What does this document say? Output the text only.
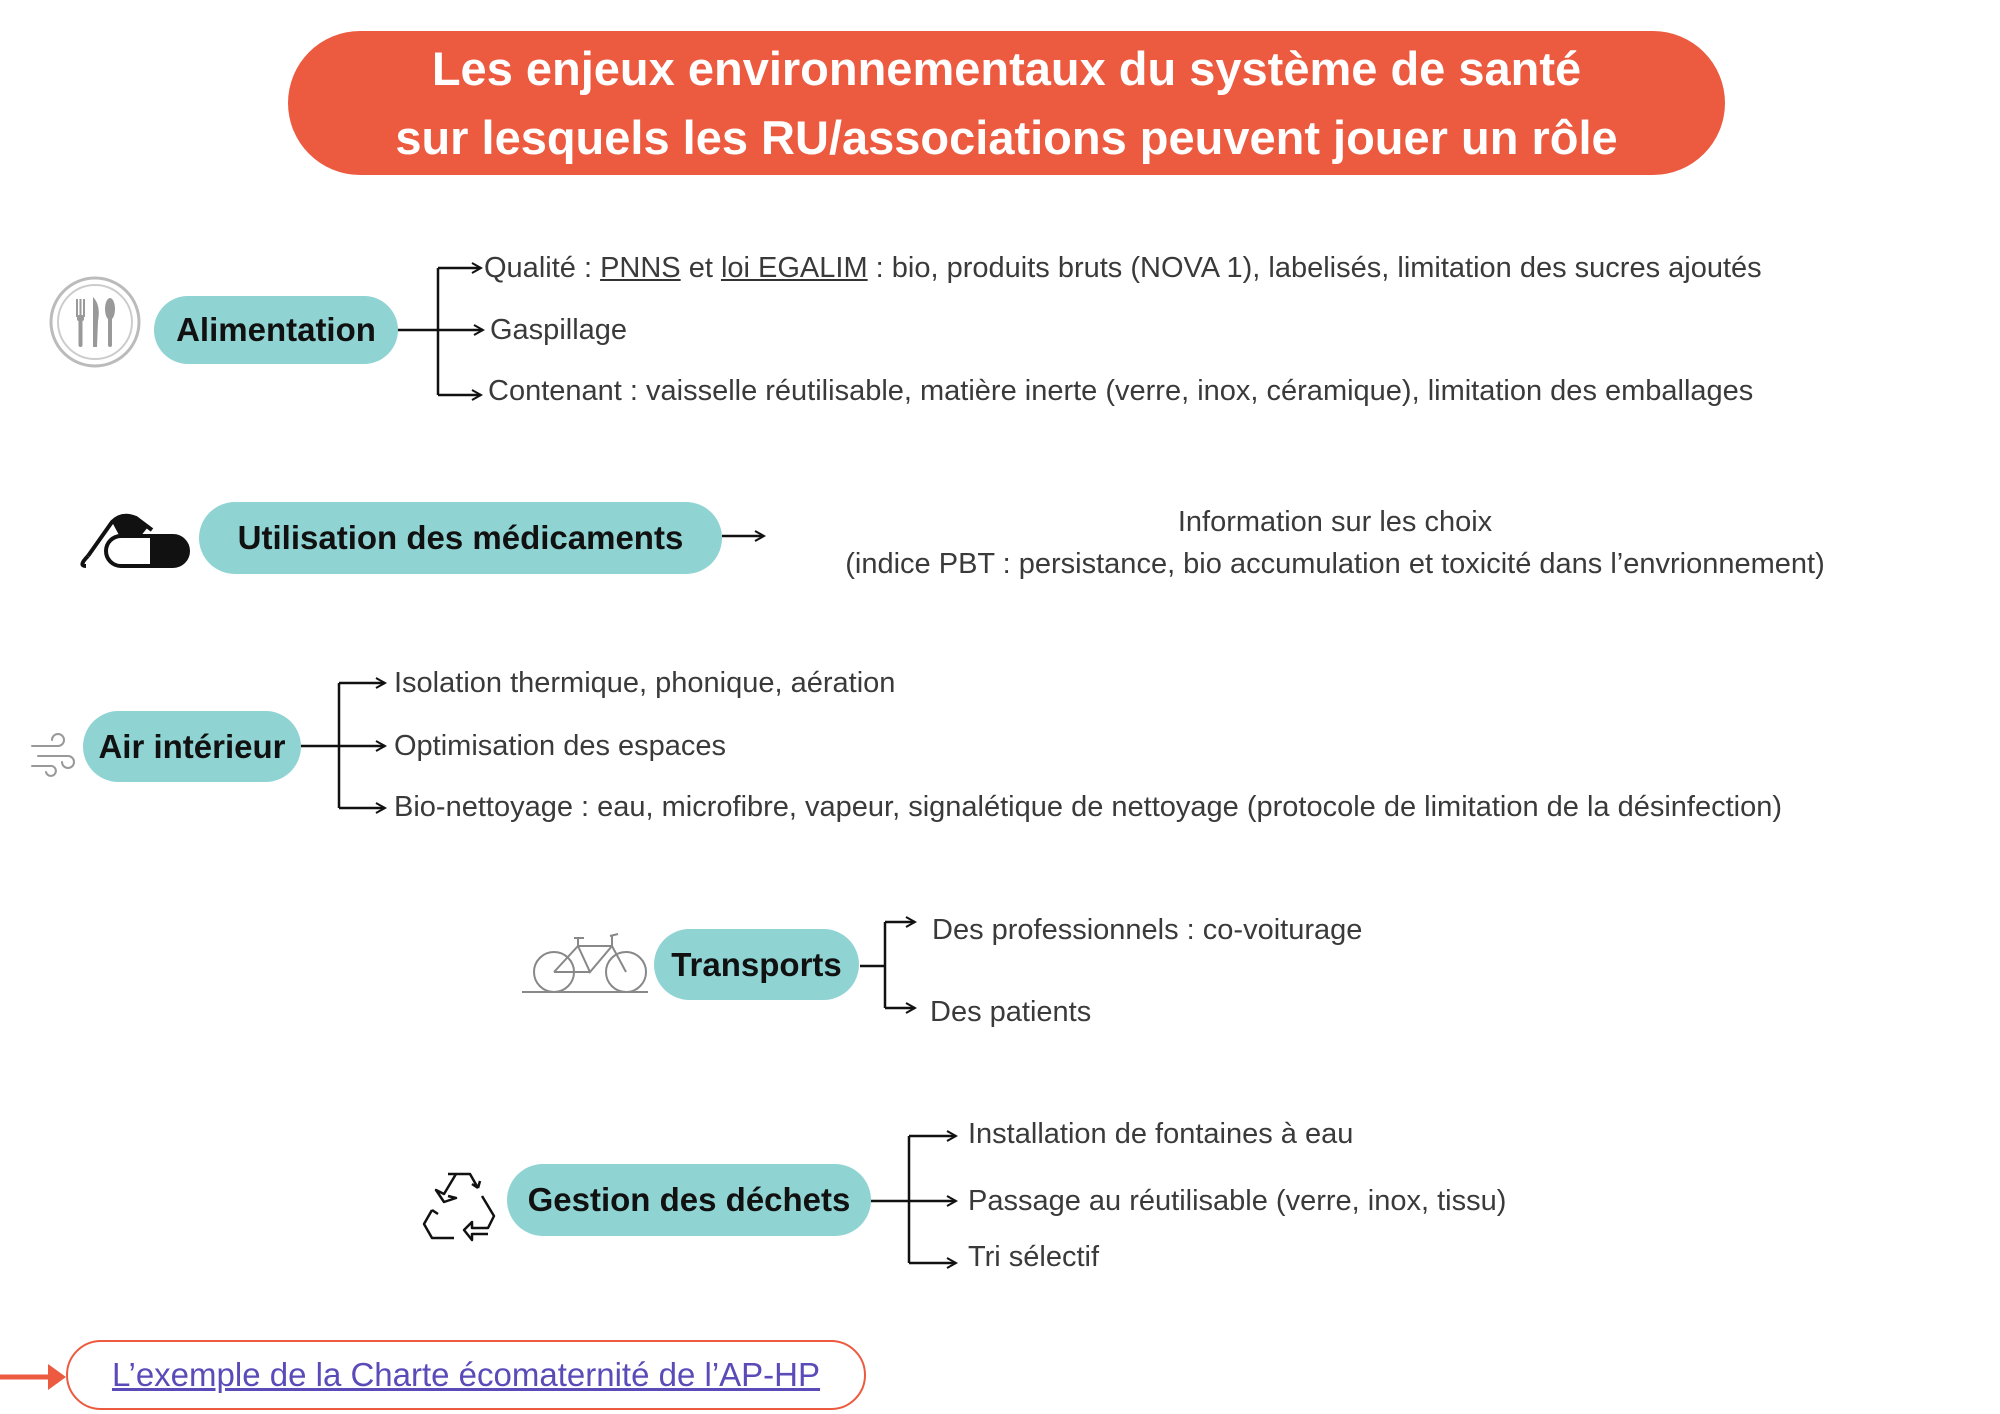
Les enjeux environnementaux du système de santé
sur lesquels les RU/associations peuvent jouer un rôle
Alimentation
Qualité : PNNS et loi EGALIM : bio, produits bruts (NOVA 1), labelisés, limitation des sucres ajoutés
Gaspillage
Contenant : vaisselle réutilisable, matière inerte (verre, inox, céramique), limitation des emballages
Utilisation des médicaments	Information sur les choix
(indice PBT : persistance, bio accumulation et toxicité dans l’envrionnement)
Air intérieur
Isolation thermique, phonique, aération
Optimisation des espaces
Bio-nettoyage : eau, microfibre, vapeur, signalétique de nettoyage (protocole de limitation de la désinfection)
Transports
Des professionnels : co-voiturage
Des patients
Gestion des déchets
Installation de fontaines à eau
Passage au réutilisable (verre, inox, tissu)
Tri sélectif
L’exemple de la Charte écomaternité de l’AP-HP
